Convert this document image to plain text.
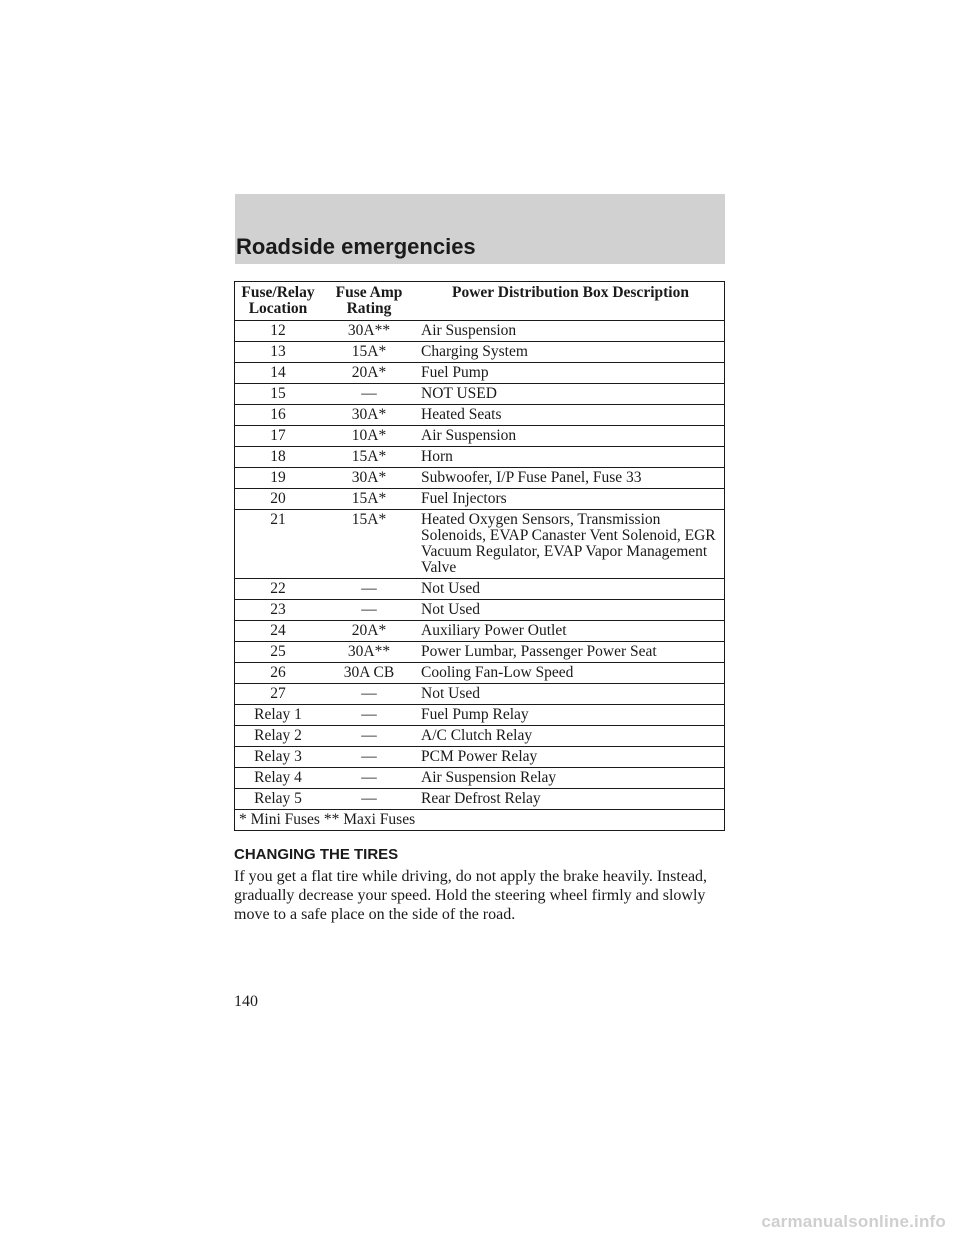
Roadside emergencies
Fuse/Relay Location	Fuse Amp Rating	Power Distribution Box Description
12	30A**	Air Suspension
13	15A*	Charging System
14	20A*	Fuel Pump
15	—	NOT USED
16	30A*	Heated Seats
17	10A*	Air Suspension
18	15A*	Horn
19	30A*	Subwoofer, I/P Fuse Panel, Fuse 33
20	15A*	Fuel Injectors
21	15A*	Heated Oxygen Sensors, Transmission Solenoids, EVAP Canaster Vent Solenoid, EGR Vacuum Regulator, EVAP Vapor Management Valve
22	—	Not Used
23	—	Not Used
24	20A*	Auxiliary Power Outlet
25	30A**	Power Lumbar, Passenger Power Seat
26	30A CB	Cooling Fan-Low Speed
27	—	Not Used
Relay 1	—	Fuel Pump Relay
Relay 2	—	A/C Clutch Relay
Relay 3	—	PCM Power Relay
Relay 4	—	Air Suspension Relay
Relay 5	—	Rear Defrost Relay
* Mini Fuses ** Maxi Fuses		
CHANGING THE TIRES

If you get a flat tire while driving, do not apply the brake heavily. Instead, gradually decrease your speed. Hold the steering wheel firmly and slowly move to a safe place on the side of the road.

140
carmanualsonline.info
